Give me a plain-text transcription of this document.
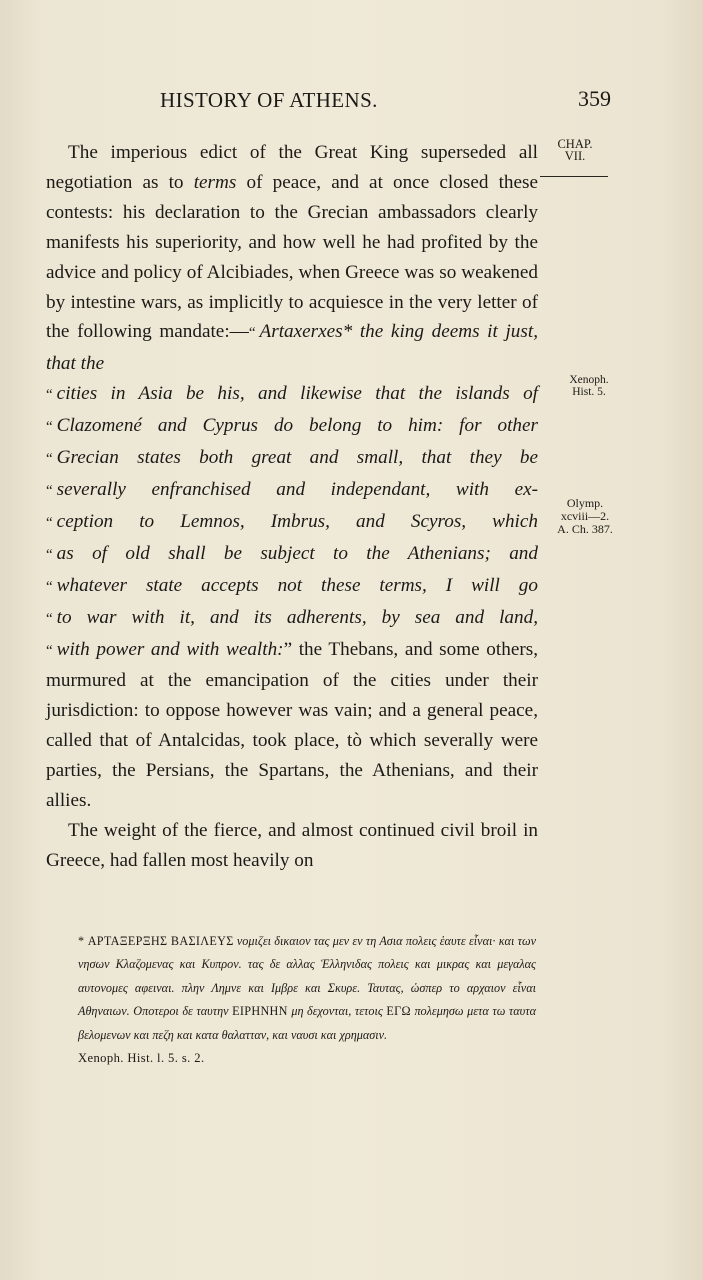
HISTORY OF ATHENS.	359
CHAP.
VII.
Xenoph.
Hist. 5.
Olymp.
xcviii—2.
A. Ch. 387.

The imperious edict of the Great King superseded all negotiation as to terms of peace, and at once closed these contests: his declaration to the Grecian ambassadors clearly manifests his superiority, and how well he had profited by the advice and policy of Alcibiades, when Greece was so weakened by intestine wars, as implicitly to acquiesce in the very letter of the following mandate:—“ Artaxerxes* the king deems it just, that the

“ cities in Asia be his, and likewise that the islands of
“ Clazomené and Cyprus do belong to him: for other
“ Grecian states both great and small, that they be
“ severally enfranchised and independant, with ex-
“ ception to Lemnos, Imbrus, and Scyros, which
“ as of old shall be subject to the Athenians; and
“ whatever state accepts not these terms, I will go
“ to war with it, and its adherents, by sea and land,

“ with power and with wealth:” the Thebans, and some others, murmured at the emancipation of the cities under their jurisdiction: to oppose however was vain; and a general peace, called that of Antalcidas, took place, tò which severally were parties, the Persians, the Spartans, the Athenians, and their allies.

The weight of the fierce, and almost continued civil broil in Greece, had fallen most heavily on

* ΑΡΤΑΞΕΡΞΗΣ ΒΑΣΙΛΕΥΣ νομιζει δικαιον τας μεν εν τη Ασια πολεις ἑαυτε εἶναι· και των νησων Κλαζομενας και Κυπρον. τας δε αλλας Ἑλληνιδας πολεις και μικρας και μεγαλας αυτονομες αφειναι. πλην Λημνε και Ιμβρε και Σκυρε. Ταυτας, ὡσπερ το αρχαιον εἶναι Αθηναιων. Οποτεροι δε ταυτην ΕΙΡΗΝΗΝ μη δεχονται, τετοις ΕΓΩ πολεμησω μετα τω ταυτα βελομενων και πεζη και κατα θαλατταν, και ναυσι και χρημασιν.

Xenoph. Hist. l. 5. s. 2.
